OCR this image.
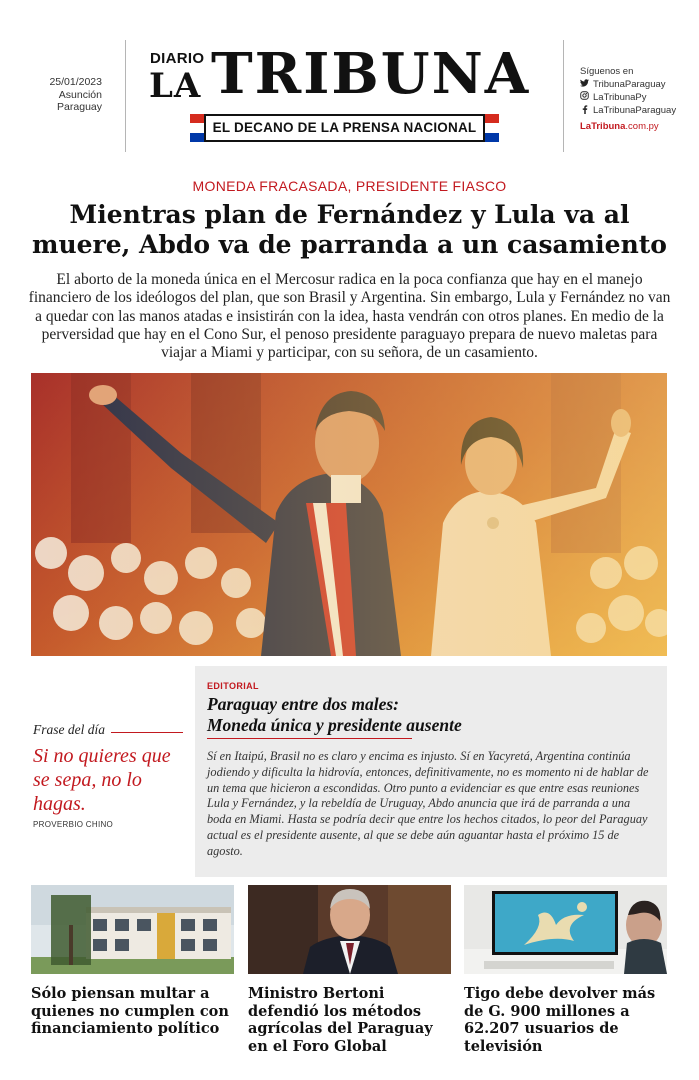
25/01/2023
Asunción
Paraguay
DIARIO
LA TRIBUNA
EL DECANO DE LA PRENSA NACIONAL
Síguenos en
TribunaParaguay
LaTribunaPy
LaTribunaParaguay
LaTribuna.com.py
MONEDA FRACASADA, PRESIDENTE FIASCO
Mientras plan de Fernández y Lula va al
muere, Abdo va de parranda a un casamiento

El aborto de la moneda única en el Mercosur radica en la poca confianza que hay en el manejo financiero de los ideólogos del plan, que son Brasil y Argentina. Sin embargo, Lula y Fernández no van a quedar con las manos atadas e insistirán con la idea, hasta vendrán con otros planes. En medio de la perversidad que hay en el Cono Sur, el penoso presidente paraguayo prepara de nuevo maletas para viajar a Miami y participar, con su señora, de un casamiento.

Frase del día
Si no quieres que se sepa, no lo hagas.
PROVERBIO CHINO
EDITORIAL
Paraguay entre dos males:
Moneda única y presidente ausente

Sí en Itaipú, Brasil no es claro y encima es injusto. Sí en Yacyretá, Argentina continúa jodiendo y dificulta la hidrovía, entonces, definitivamente, no es momento ni de hablar de un tema que hicieron a escondidas. Otro punto a evidenciar es que entre esas reuniones Lula y Fernández, y la rebeldía de Uruguay, Abdo anuncia que irá de parranda a una boda en Miami. Hasta se podría decir que entre los hechos citados, lo peor del Paraguay actual es el presidente ausente, al que se debe aún aguantar hasta el próximo 15 de agosto.

Sólo piensan multar a quienes no cumplen con financiamiento político
Ministro Bertoni defendió los métodos agrícolas del Paraguay en el Foro Global
Tigo debe devolver más de G. 900 millones a 62.207 usuarios de televisión
